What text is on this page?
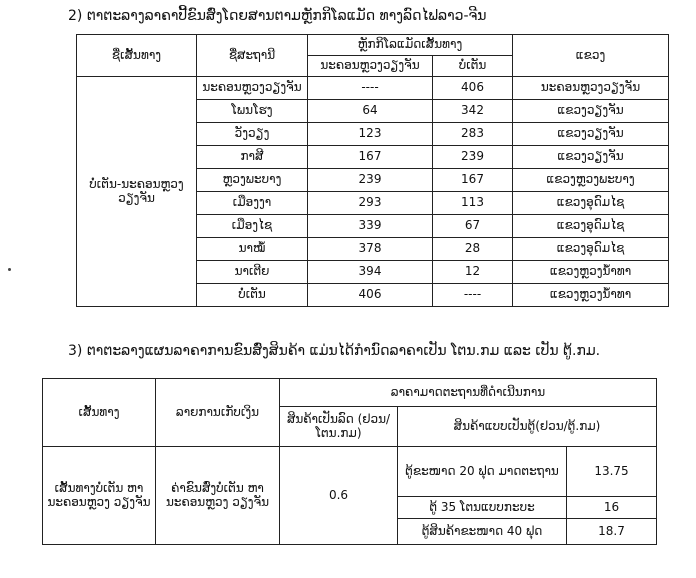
2) ຕາຕະລາງລາຄາປີ້ຂົນສົ່ງໂດຍສານຕາມຫຼັກກິໂລແມັດ ທາງລົດໄຟລາວ-ຈີນ
ຊື່ເສັ້ນທາງ	ຊື່ສະຖານີ	ຫຼັກກິໂລແມັດເສັ້ນທາງ		ແຂວງ
		ນະຄອນຫຼວງວຽງຈັນ	ບໍ່ເຕັນ	
ບໍ່ເຕັນ-ນະຄອນຫຼວງ ວຽງຈັນ	ນະຄອນຫຼວງວຽງຈັນ	----	406	ນະຄອນຫຼວງວຽງຈັນ
	ໂພນໂຮງ	64	342	ແຂວງວຽງຈັນ
	ວັງວຽງ	123	283	ແຂວງວຽງຈັນ
	ກາສີ	167	239	ແຂວງວຽງຈັນ
	ຫຼວງພະບາງ	239	167	ແຂວງຫຼວງພະບາງ
	ເມືອງງາ	293	113	ແຂວງອຸດົມໄຊ
	ເມືອງໄຊ	339	67	ແຂວງອຸດົມໄຊ
	ນາໝໍ້	378	28	ແຂວງອຸດົມໄຊ
	ນາເຕີຍ	394	12	ແຂວງຫຼວງນ້ຳທາ
	ບໍ່ເຕັນ	406	----	ແຂວງຫຼວງນ້ຳທາ
3) ຕາຕະລາງແຜນລາຄາການຂົນສົ່ງສິນຄ້າ ແມ່ນໄດ້ກຳນົດລາຄາເປັນ ໂຕນ.ກມ ແລະ ເປັນ ຕູ້.ກມ.
ເສັ້ນທາງ	ລາຍການເກັບເງິນ	ລາຄາມາດຕະຖານທີ່ດຳເນີນການ		
		ສິນຄ້າເປັນລົດ (ຢວນ/ໂຕນ.ກມ)	ສິນຄ້າແບບເປັນຕູ້(ຢວນ/ຕູ້.ກມ)	
ເສັ້ນທາງບໍ່ເຕັນ ຫາ ນະຄອນຫຼວງ ວຽງຈັນ	ຄ່າຂົນສົ່ງບໍ່ເຕັນ ຫາ ນະຄອນຫຼວງ ວຽງຈັນ	0.6	ຕູ້ຂະໜາດ 20 ຟຸດ ມາດຕະຖານ	13.75
			ຕູ້ 35 ໂຕນແບບກະບະ	16
			ຕູ້ສິນຄ້າຂະໜາດ 40 ຟຸດ	18.7
